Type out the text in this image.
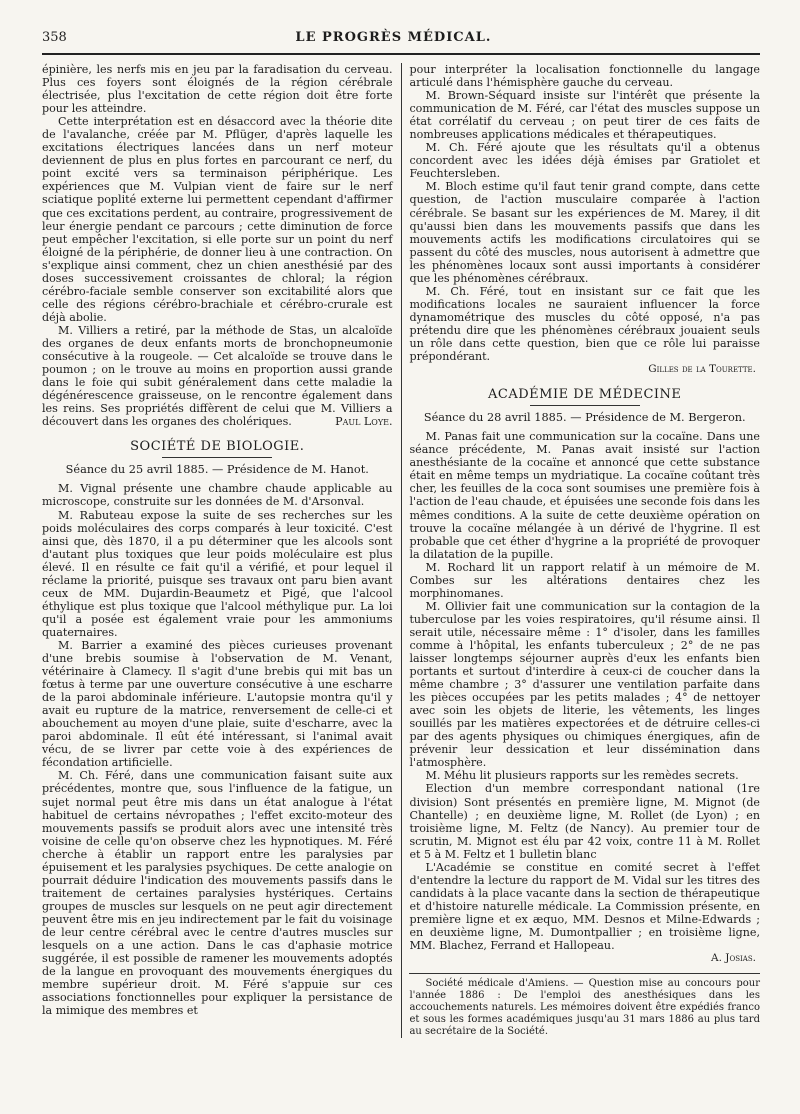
358	LE PROGRÈS MÉDICAL.

épinière, les nerfs mis en jeu par la faradisation du cerveau. Plus ces foyers sont éloignés de la région cérébrale électrisée, plus l'excitation de cette région doit être forte pour les atteindre.

Cette interprétation est en désaccord avec la théorie dite de l'avalanche, créée par M. Pflüger, d'après laquelle les excitations électriques lancées dans un nerf moteur deviennent de plus en plus fortes en parcourant ce nerf, du point excité vers sa terminaison périphérique. Les expériences que M. Vulpian vient de faire sur le nerf sciatique poplité externe lui permettent cependant d'affirmer que ces excitations perdent, au contraire, progressivement de leur énergie pendant ce parcours ; cette diminution de force peut empêcher l'excitation, si elle porte sur un point du nerf éloigné de la périphérie, de donner lieu à une contraction. On s'explique ainsi comment, chez un chien anesthésié par des doses successivement croissantes de chloral; la région cérébro-faciale semble conserver son excitabilité alors que celle des régions cérébro-brachiale et cérébro-crurale est déjà abolie.

M. Villiers a retiré, par la méthode de Stas, un alcaloïde des organes de deux enfants morts de bronchopneumonie consécutive à la rougeole. — Cet alcaloïde se trouve dans le poumon ; on le trouve au moins en proportion aussi grande dans le foie qui subit généralement dans cette maladie la dégénérescence graisseuse, on le rencontre également dans les reins. Ses propriétés diffèrent de celui que M. Villiers a découvert dans les organes des cholériques.	Paul Loye.

SOCIÉTÉ DE BIOLOGIE.
Séance du 25 avril 1885. — Présidence de M. Hanot.

M. Vignal présente une chambre chaude applicable au microscope, construite sur les données de M. d'Arsonval.

M. Rabuteau expose la suite de ses recherches sur les poids moléculaires des corps comparés à leur toxicité. C'est ainsi que, dès 1870, il a pu déterminer que les alcools sont d'autant plus toxiques que leur poids moléculaire est plus élevé. Il en résulte ce fait qu'il a vérifié, et pour lequel il réclame la priorité, puisque ses travaux ont paru bien avant ceux de MM. Dujardin-Beaumetz et Pigé, que l'alcool éthylique est plus toxique que l'alcool méthylique pur. La loi qu'il a posée est également vraie pour les ammoniums quaternaires.

M. Barrier a examiné des pièces curieuses provenant d'une brebis soumise à l'observation de M. Venant, vétérinaire à Clamecy. Il s'agit d'une brebis qui mit bas un fœtus à terme par une ouverture consécutive à une escharre de la paroi abdominale inférieure. L'autopsie montra qu'il y avait eu rupture de la matrice, renversement de celle-ci et abouchement au moyen d'une plaie, suite d'escharre, avec la paroi abdominale. Il eût été intéressant, si l'animal avait vécu, de se livrer par cette voie à des expériences de fécondation artificielle.

M. Ch. Féré, dans une communication faisant suite aux précédentes, montre que, sous l'influence de la fatigue, un sujet normal peut être mis dans un état analogue à l'état habituel de certains névropathes ; l'effet excito-moteur des mouvements passifs se produit alors avec une intensité très voisine de celle qu'on observe chez les hypnotiques. M. Féré cherche à établir un rapport entre les paralysies par épuisement et les paralysies psychiques. De cette analogie on pourrait déduire l'indication des mouvements passifs dans le traitement de certaines paralysies hystériques. Certains groupes de muscles sur lesquels on ne peut agir directement peuvent être mis en jeu indirectement par le fait du voisinage de leur centre cérébral avec le centre d'autres muscles sur lesquels on a une action. Dans le cas d'aphasie motrice suggérée, il est possible de ramener les mouvements adoptés de la langue en provoquant des mouvements énergiques du membre supérieur droit. M. Féré s'appuie sur ces associations fonctionnelles pour expliquer la persistance de la mimique des membres et

pour interpréter la localisation fonctionnelle du langage articulé dans l'hémisphère gauche du cerveau.

M. Brown-Séquard insiste sur l'intérêt que présente la communication de M. Féré, car l'état des muscles suppose un état corrélatif du cerveau ; on peut tirer de ces faits de nombreuses applications médicales et thérapeutiques.

M. Ch. Féré ajoute que les résultats qu'il a obtenus concordent avec les idées déjà émises par Gratiolet et Feuchtersleben.

M. Bloch estime qu'il faut tenir grand compte, dans cette question, de l'action musculaire comparée à l'action cérébrale. Se basant sur les expériences de M. Marey, il dit qu'aussi bien dans les mouvements passifs que dans les mouvements actifs les modifications circulatoires qui se passent du côté des muscles, nous autorisent à admettre que les phénomènes locaux sont aussi importants à considérer que les phénomènes cérébraux.

M. Ch. Féré, tout en insistant sur ce fait que les modifications locales ne sauraient influencer la force dynamométrique des muscles du côté opposé, n'a pas prétendu dire que les phénomènes cérébraux jouaient seuls un rôle dans cette question, bien que ce rôle lui paraisse prépondérant.

Gilles de la Tourette.
ACADÉMIE DE MÉDECINE
Séance du 28 avril 1885. — Présidence de M. Bergeron.

M. Panas fait une communication sur la cocaïne. Dans une séance précédente, M. Panas avait insisté sur l'action anesthésiante de la cocaïne et annoncé que cette substance était en même temps un mydriatique. La cocaïne coûtant très cher, les feuilles de la coca sont soumises une première fois à l'action de l'eau chaude, et épuisées une seconde fois dans les mêmes conditions. A la suite de cette deuxième opération on trouve la cocaïne mélangée à un dérivé de l'hygrine. Il est probable que cet éther d'hygrine a la propriété de provoquer la dilatation de la pupille.

M. Rochard lit un rapport relatif à un mémoire de M. Combes sur les altérations dentaires chez les morphinomanes.

M. Ollivier fait une communication sur la contagion de la tuberculose par les voies respiratoires, qu'il résume ainsi. Il serait utile, nécessaire même : 1° d'isoler, dans les familles comme à l'hôpital, les enfants tuberculeux ; 2° de ne pas laisser longtemps séjourner auprès d'eux les enfants bien portants et surtout d'interdire à ceux-ci de coucher dans la même chambre ; 3° d'assurer une ventilation parfaite dans les pièces occupées par les petits malades ; 4° de nettoyer avec soin les objets de literie, les vêtements, les linges souillés par les matières expectorées et de détruire celles-ci par des agents physiques ou chimiques énergiques, afin de prévenir leur dessication et leur dissémination dans l'atmosphère.

M. Méhu lit plusieurs rapports sur les remèdes secrets.

Election d'un membre correspondant national (1re division) Sont présentés en première ligne, M. Mignot (de Chantelle) ; en deuxième ligne, M. Rollet (de Lyon) ; en troisième ligne, M. Feltz (de Nancy). Au premier tour de scrutin, M. Mignot est élu par 42 voix, contre 11 à M. Rollet et 5 à M. Feltz et 1 bulletin blanc

L'Académie se constitue en comité secret à l'effet d'entendre la lecture du rapport de M. Vidal sur les titres des candidats à la place vacante dans la section de thérapeutique et d'histoire naturelle médicale. La Commission présente, en première ligne et ex æquo, MM. Desnos et Milne-Edwards ; en deuxième ligne, M. Dumontpallier ; en troisième ligne, MM. Blachez, Ferrand et Hallopeau.

A. Josias.

Société médicale d'Amiens. — Question mise au concours pour l'année 1886 : De l'emploi des anesthésiques dans les accouchements naturels. Les mémoires doivent être expédiés franco et sous les formes académiques jusqu'au 31 mars 1886 au plus tard au secrétaire de la Société.
